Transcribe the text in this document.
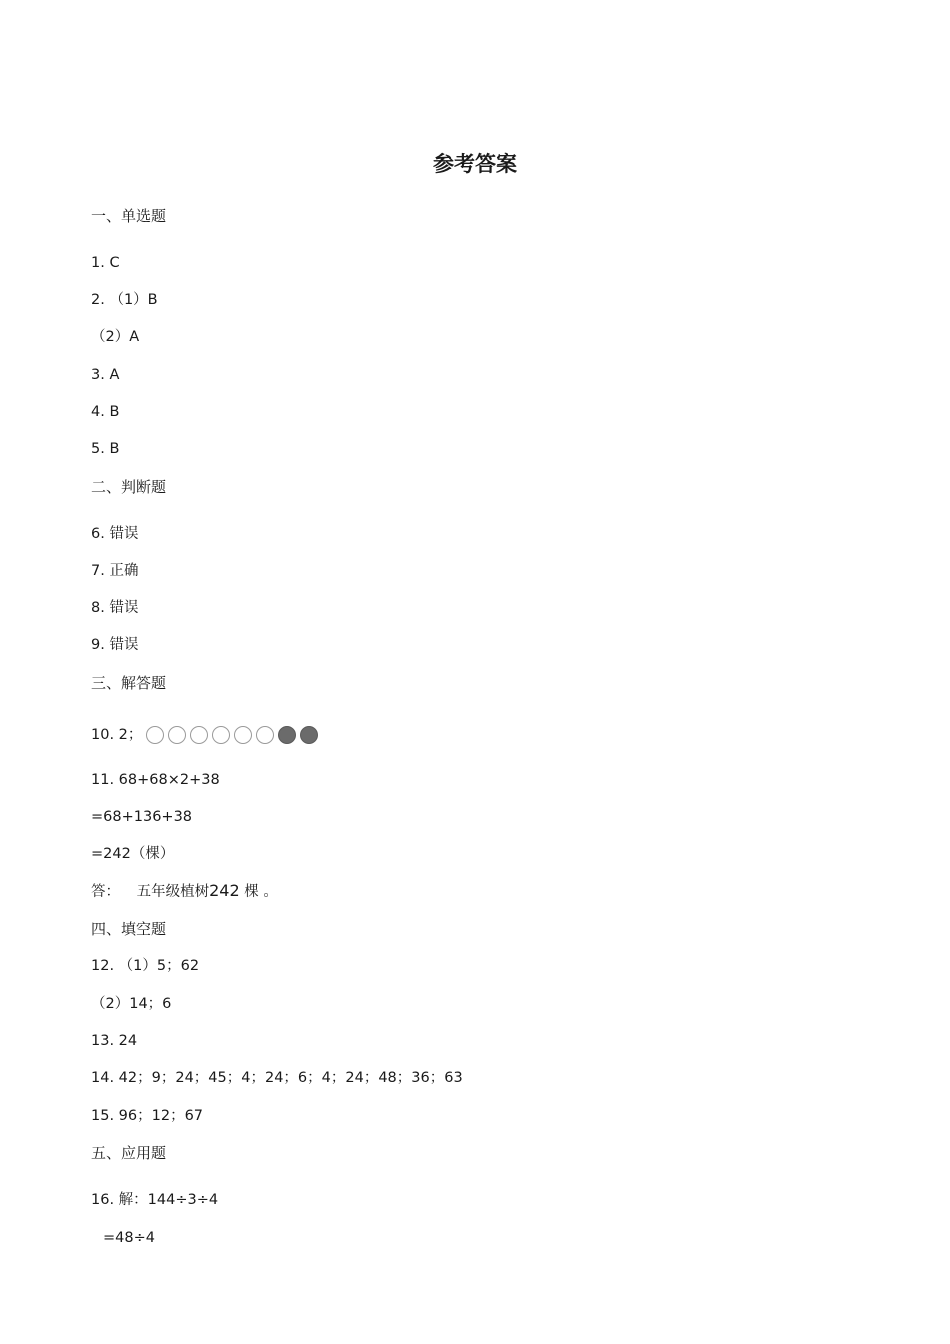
参考答案
一、单选题
1. C
2. （1）B
（2）A
3. A
4. B
5. B
二、判断题
6. 错误
7. 正确
8. 错误
9. 错误
三、解答题
10. 2；
11. 68+68×2+38
=68+136+38
=242（棵）
答： 五年级植树242 棵 。
四、填空题
12. （1）5；62
（2）14；6
13. 24
14. 42；9；24；45；4；24；6；4；24；48；36；63
15. 96；12；67
五、应用题
16. 解：144÷3÷4
=48÷4
